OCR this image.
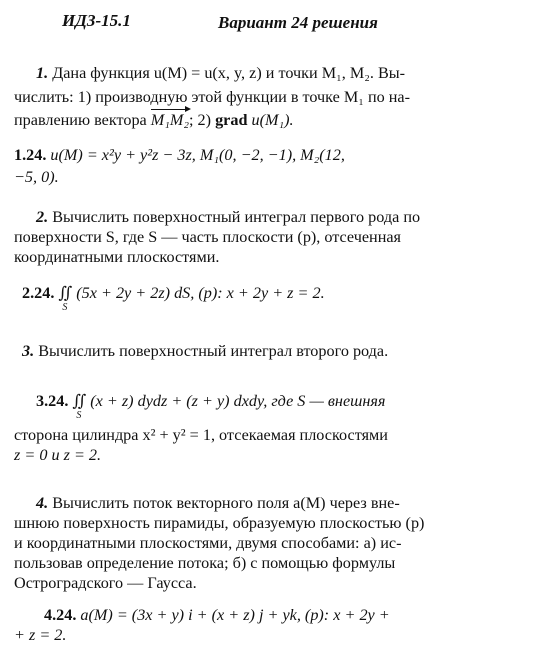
ИДЗ-15.1	Вариант 24 решения
1. Дана функция u(M) = u(x, y, z) и точки M₁, M₂. Вы-
числить: 1) производную этой функции в точке M₁ по на-
правлению вектора M₁M₂; 2) grad u(M₁).
1.24. u(M) = x²y + y²z − 3z, M₁(0, −2, −1), M₂(12,
−5, 0).
2. Вычислить поверхностный интеграл первого рода по
поверхности S, где S — часть плоскости (p), отсеченная
координатными плоскостями.
2.24. ∬
S
(5x + 2y + 2z) dS, (p): x + 2y + z = 2.
3. Вычислить поверхностный интеграл второго рода.
3.24. ∬
S
(x + z) dydz + (z + y) dxdy, где S — внешняя
сторона цилиндра x² + y² = 1, отсекаемая плоскостями
z = 0 и z = 2.
4. Вычислить поток векторного поля a(M) через вне-
шнюю поверхность пирамиды, образуемую плоскостью (p)
и координатными плоскостями, двумя способами: а) ис-
пользовав определение потока; б) с помощью формулы
Остроградского — Гаусса.
4.24. a(M) = (3x + y) i + (x + z) j + yk, (p): x + 2y +
+ z = 2.
